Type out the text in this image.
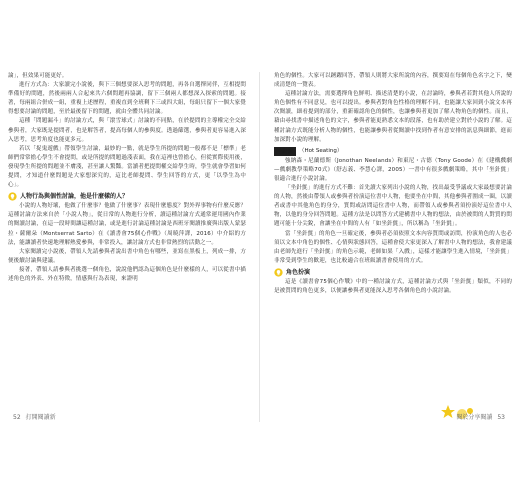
論」，但效果可能更好。

進行方式為：大家讀完小說後，與下三個想要深入思考的問題，再各自選擇同伴，互相提問準備好的問題，然後兩兩人合起來共六個問題再協調，留下三個兩人都想深入探索的問題。接著，每兩組合併成一組，重複上述歷程，重複直到全班剩下三或四大組，每組只留下一個大家覺得想要討論的問題，至於最後留下的問題，就由全體共同討論。

這種「問題漏斗」的討論方式，與「滾雪球式」討論的不同點，在於提問的主導權完全交給參與者，大家既是提問者，也是解答者，提高每個人的參與度。透過篩選，參與者更容易進入深入思考，思考角度也能更多元。

若以「捉鬼遊戲」帶領學生討論，最妙的一點，就是學生所提的問題一般都不是「標準」老師們常常擔心學生不會提問，或是所提的問題過淺表面，我在這裡也曾擔心，但從實際使用後，發現學生所提的問題並不膚淺，甚至讓人驚豔。當讀者把提問權交給學生時，學生就會學習如何提問，才知道什麼問題是大家想深究的，這比老師提問、學生回答的方式，更「以學生為中心」。

人物行為與個性討論，他是什麼樣的人？

小說的人物好壞，他做了什麼事？他做了什麼事？表現什麼態度？對外界事物有什麼反應？這種討論方法來自於「小說人物」，從日常的人物進行分析，讀這種討論方式通常運用國內作業的閱讀討論，在這一段時間讓這種討論，或是進行討論這種討論是西班牙閱讀推廣與出版人蒙瑟拉・薩爾朵（Montserrat Sarto）在《讀書會75個心作戰》（周暁萍譯，2016）中介紹的方法，能讓讀者快速地理解熱愛參與，非常投入，讓討論方式也非常熱烈的活動之一。

大家閱讀完小說後，帶領人先請參與者說出書中角色有哪些，並寫在黑板上，列成一排，方便後續討論與建議。

接著，帶領人請參與者挑選一個角色，說說他們認為這個角色是什麼樣的人，可以從書中描述角色的外表、外在特徵，情感與行為表現，來證明

角色的個性。大家可以踴躍回答，帶領人則將大家所說的內容，撰要寫在每個角色名字之下，變成清楚的一覽表。

這種討論方法，需要選擇角色鮮明、描述清楚的小說，在討論時，參與者若對其他人所說的角色個性有不同意見，也可以提出。參與者對角色性格的理解不同，也能讓大家回到小說文本再次閱讀，細看提到的部分，重新確認角色的個性，也讓參與者更加了解人物角色的個性。而且，藉由尋找書中描述角色的文字，參與者能更熟悉文本的段落，也有助於建立對於小說的了解。這種討論方式既能分析人物的個性，也能讓參與者從閱讀中找到作者有意安排的訊息與細節，進而加深對小說的理解。

坐針氈 （Hot Seating）

強納森・尼蘭德斯（Jonothan Neelands）和東尼・古德（Tony Goode）在《建構戲劇—戲劇教學策略70式》（舒志義、李慧心譯，2005）一書中有很多戲劇策略，其中「坐針氈」很適合進行小說討論。

「坐針氈」的進行方式不難：首先讀大家列出小說的人物，找出最受爭議或大家最想要討論的人物，然後由帶領人或參與者扮演這位書中人物，他要坐在中間，其他參與者圍成一圈，以讀者或書中其他角色的身分，質問或訪問這位書中人物，而帶領人或參與者須扮演好這位書中人物，以他的身分回答問題。這種方法是以問答方式建構書中人物的想法，由於被問的人對質的問題可能十分尖銳，會讓坐在中間的人有「如坐針氈」，所以稱為「坐針氈」。

當「坐針氈」的角色一旦確定後，參與者必須依照文本內容質問或訪問，扮演角色的人也必須以文本中角色的個性、心情與狀態回答，這種會使大家更深入了解書中人物的想法，我會建議由老師先進行「坐針氈」的角色示範，老師如果「入戲」，這樣才能讓學生進入情境，「坐針氈」非常受到學生的歡迎，也比較適合在班級讀書會使用的方式。

角色扮演

這是《讀書會75個心作戰》中的一種討論方式，這種討論方式與「坐針氈」類似，不同的是被質問的角色更多，以便讓參與者更能深入思考各個角色的小說討論。

52 打開閱讀新	閱於分享閱讀 53
